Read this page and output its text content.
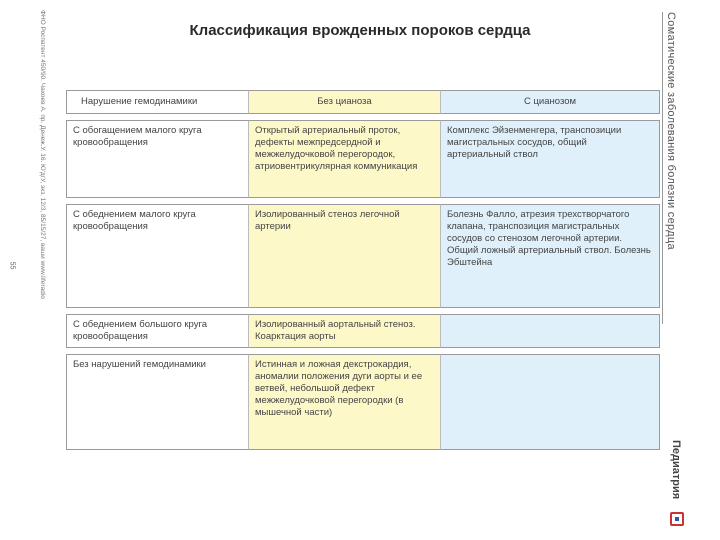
ФНО Роспатент 450/90. Чахоев А. пр. Денеж.У. 16. Ю'дгУ, экз. 12/3, 85/15/27, ваши www.liferadio
55
Классификация врожденных пороков сердца
Нарушение гемодинамики	Без цианоза	С цианозом
С обогащением малого круга кровообращения	Открытый артериальный проток, дефекты межпредсердной и межжелудочковой перегородок, атриовентрикулярная коммуникация	Комплекс Эйзенменгера, транспозиции магистральных сосудов, общий артериальный ствол
С обеднением малого круга кровообращения	Изолированный стеноз легочной артерии	Болезнь Фалло, атрезия трехстворчатого клапана, транспозиция магистральных сосудов со стенозом легочной артерии. Общий ложный артериальный ствол. Болезнь Эбштейна
С обеднением большого круга кровообращения	Изолированный аортальный стеноз. Коарктация аорты	
Без нарушений гемодинамики	Истинная и ложная декстрокардия, аномалии положения дуги аорты и ее ветвей, небольшой дефект межжелудочковой перегородки (в мышечной части)	
Соматические заболевания болезни сердца
Педиатрия
